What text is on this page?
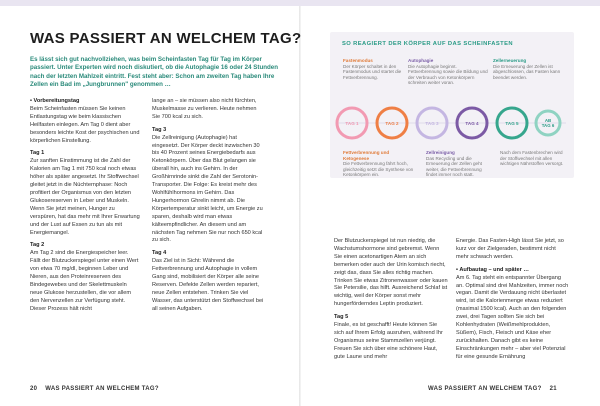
WAS PASSIERT AN WELCHEM TAG?

Es lässt sich gut nachvollziehen, was beim Scheinfasten Tag für Tag im Körper passiert. Unter Experten wird noch diskutiert, ob die Autophagie 16 oder 24 Stunden nach der letzten Mahlzeit eintritt. Fest steht aber: Schon am zweiten Tag haben Ihre Zellen ein Bad im „Jungbrunnen" genommen …

• Vorbereitungstag
Beim Scheinfasten müssen Sie keinen Entlastungstag wie beim klassischen Heilfasten einlegen. Am Tag 0 dient aber besonders leichte Kost der psychischen und körperlichen Einstellung.

Tag 1
Zur sanften Einstimmung ist die Zahl der Kalorien am Tag 1 mit 750 kcal noch etwas höher als später angesetzt. Ihr Stoffwechsel gleitet jetzt in die Nüchternphase: Noch profitiert der Organismus von den letzten Glukosereserven in Leber und Muskeln. Wenn Sie jetzt meinen, Hunger zu verspüren, hat das mehr mit Ihrer Erwartung und der Lust auf Essen zu tun als mit Energiemangel.

Tag 2
Am Tag 2 sind die Energiespeicher leer. Fällt der Blutzuckerspiegel unter einen Wert von etwa 70 mg/dl, beginnen Leber und Nieren, aus den Proteinreserven des Bindegewebes und der Skelettmuskeln neue Glukose herzustellen, die vor allem den Nervenzellen zur Verfügung steht. Dieser Prozess hält nicht

lange an – sie müssen also nicht fürchten, Muskelmasse zu verlieren. Heute nehmen Sie 700 kcal zu sich.

Tag 3
Die Zellreinigung (Autophagie) hat eingesetzt. Der Körper deckt inzwischen 30 bis 40 Prozent seines Energiebedarfs aus Ketonkörpern. Über das Blut gelangen sie überall hin, auch ins Gehirn. In der Großhirnrinde sinkt die Zahl der Serotonin-Transporter. Die Folge: Es kreist mehr des Wohlfühlhormons im Gehirn. Das Hungerhormon Ghrelin nimmt ab. Die Körpertemperatur sinkt leicht, um Energie zu sparen, deshalb wird man etwas kälteempfindlicher. An diesem und am nächsten Tag nehmen Sie nur noch 650 kcal zu sich.

Tag 4
Das Ziel ist in Sicht: Während die Fettverbrennung und Autophagie in vollem Gang sind, mobilisiert der Körper alle seine Reserven. Defekte Zellen werden repariert, neue Zellen entstehen. Trinken Sie viel Wasser, das unterstützt den Stoffwechsel bei all seinen Aufgaben.

SO REAGIERT DER KÖRPER AUF DAS SCHEINFASTEN

Fastenmodus
Der Körper schaltet in den Fastenmodus und startet die Fettverbrennung.
Autophagie
Die Autophagie beginnt. Fettverbrennung sowie die Bildung und der Verbrauch von Ketonkörpern schreiten weiter voran.
Zellerneuerung
Die Erneuerung der Zellen ist abgeschlossen, das Fasten kann beendet werden.
TAG 1	TAG 2	TAG 3	TAG 4	TAG 5
AB
TAG 6
Fettverbrennung und Ketogenese
Die Fettverbrennung fährt hoch, gleichzeitig setzt die Synthese von Ketonkörpern ein.
Zellreinigung
Das Recycling und die Erneuerung der Zellen geht weiter, die Fettverbrennung findet immer noch statt.
Nach dem Fastenbrechen wird der Stoffwechsel mit allen wichtigen Nährstoffen versorgt.

Der Blutzuckerspiegel ist nun niedrig, die Wachstumshormone sind gebremst. Wenn Sie einen acetonartigen Atem an sich bemerken oder auch der Urin komisch riecht, zeigt das, dass Sie alles richtig machen. Trinken Sie etwas Zitronenwasser oder kauen Sie Petersilie, das hilft. Ausreichend Schlaf ist wichtig, weil der Körper sonst mehr hungerförderndes Leptin produziert.

Tag 5
Finale, es ist geschafft! Heute können Sie sich auf Ihrem Erfolg ausruhen, während Ihr Organismus seine Stammzellen verjüngt. Freuen Sie sich über eine schönere Haut, gute Laune und mehr

Energie. Das Fasten-High lässt Sie jetzt, so kurz vor der Zielgeraden, bestimmt nicht mehr schwach werden.

• Aufbautag – und später …
Am 6. Tag steht ein entspannter Übergang an. Optimal sind drei Mahlzeiten, immer noch vegan. Damit die Verdauung nicht überlastet wird, ist die Kalorienmenge etwas reduziert (maximal 1500 kcal). Auch an den folgenden zwei, drei Tagen sollten Sie sich bei Kohlenhydraten (Weißmehlprodukten, Süßem), Fisch, Fleisch und Käse eher zurückhalten. Danach gibt es keine Einschränkungen mehr – aber viel Potenzial für eine gesunde Ernährung

20 WAS PASSIERT AN WELCHEM TAG?	WAS PASSIERT AN WELCHEM TAG? 21
